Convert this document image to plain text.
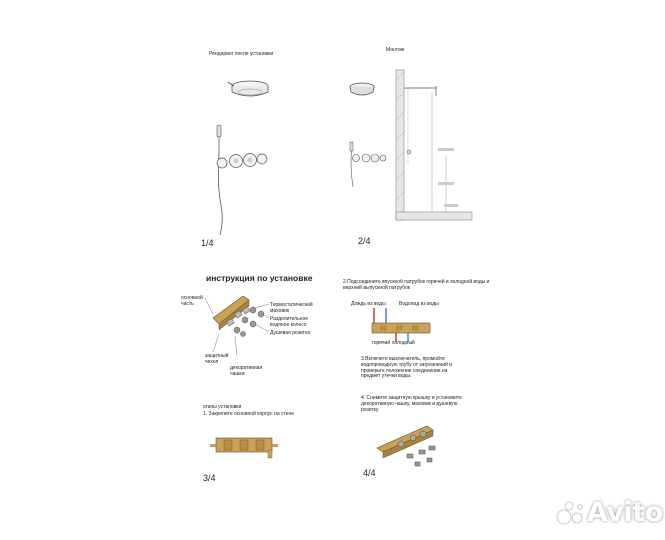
Рендеринг после установки
1/4
Монтаж
2/4
инструкция по установке
основной
часть	Термостатический
маховик
Разделительное
водяное колесо
Душевая розетка
защитный
чехол
декоративная
чашка
этапы установки
1. Закрепите основной корпус на стене
3/4
2.Подсоедините впускной патрубок горячей и холодной воды и верхний выпускной патрубок
Дождь из воды	Водопад из воды
горячий холодный
3.Включите выключатель, промойте водопроводную трубу от загрязнений и проверьте положение соединения на предмет утечки воды.
4. Снимите защитную крышку и установите декоративную чашку, маховик и душевую розетку.
4/4
Avito
